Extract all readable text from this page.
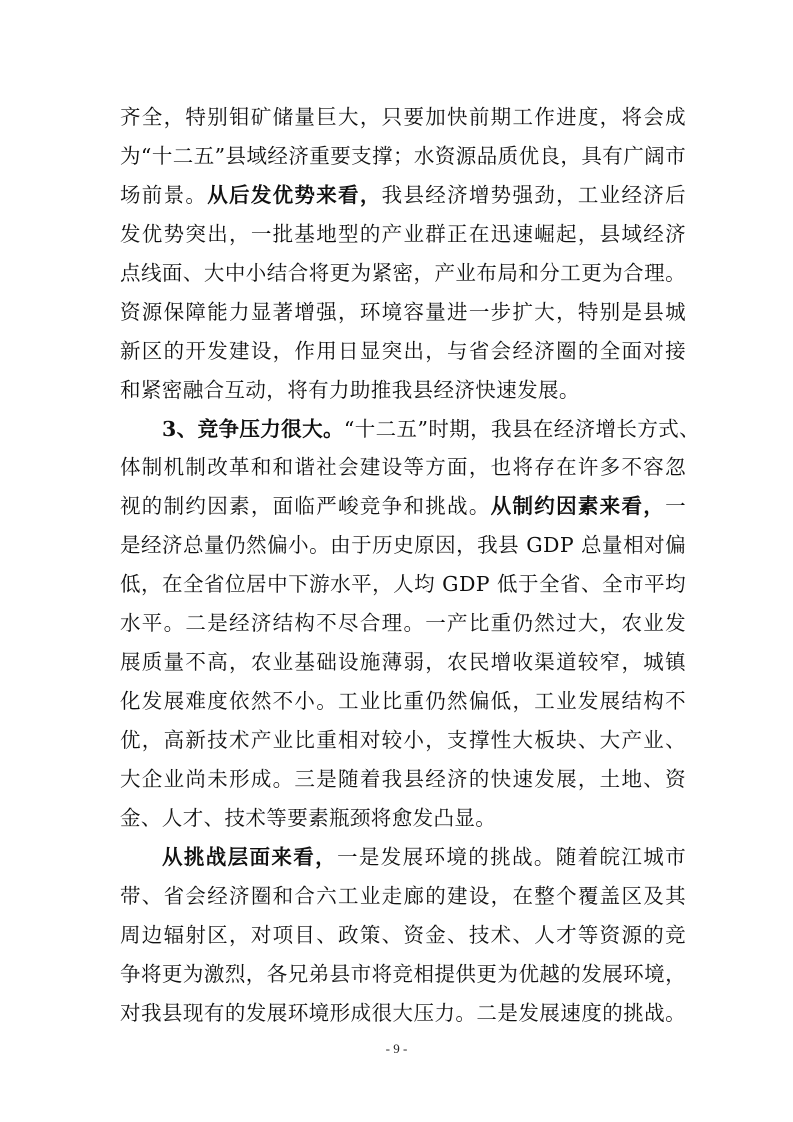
齐全，特别钼矿储量巨大，只要加快前期工作进度，将会成
为“十二五”县域经济重要支撑；水资源品质优良，具有广阔市
场前景。从后发优势来看，我县经济增势强劲，工业经济后
发优势突出，一批基地型的产业群正在迅速崛起，县域经济
点线面、大中小结合将更为紧密，产业布局和分工更为合理。
资源保障能力显著增强，环境容量进一步扩大，特别是县城
新区的开发建设，作用日显突出，与省会经济圈的全面对接
和紧密融合互动，将有力助推我县经济快速发展。
3、竞争压力很大。“十二五”时期，我县在经济增长方式、
体制机制改革和和谐社会建设等方面，也将存在许多不容忽
视的制约因素，面临严峻竞争和挑战。从制约因素来看，一
是经济总量仍然偏小。由于历史原因，我县 GDP 总量相对偏
低，在全省位居中下游水平，人均 GDP 低于全省、全市平均
水平。二是经济结构不尽合理。一产比重仍然过大，农业发
展质量不高，农业基础设施薄弱，农民增收渠道较窄，城镇
化发展难度依然不小。工业比重仍然偏低，工业发展结构不
优，高新技术产业比重相对较小，支撑性大板块、大产业、
大企业尚未形成。三是随着我县经济的快速发展，土地、资
金、人才、技术等要素瓶颈将愈发凸显。
从挑战层面来看，一是发展环境的挑战。随着皖江城市
带、省会经济圈和合六工业走廊的建设，在整个覆盖区及其
周边辐射区，对项目、政策、资金、技术、人才等资源的竞
争将更为激烈，各兄弟县市将竞相提供更为优越的发展环境，
对我县现有的发展环境形成很大压力。二是发展速度的挑战。
- 9 -
